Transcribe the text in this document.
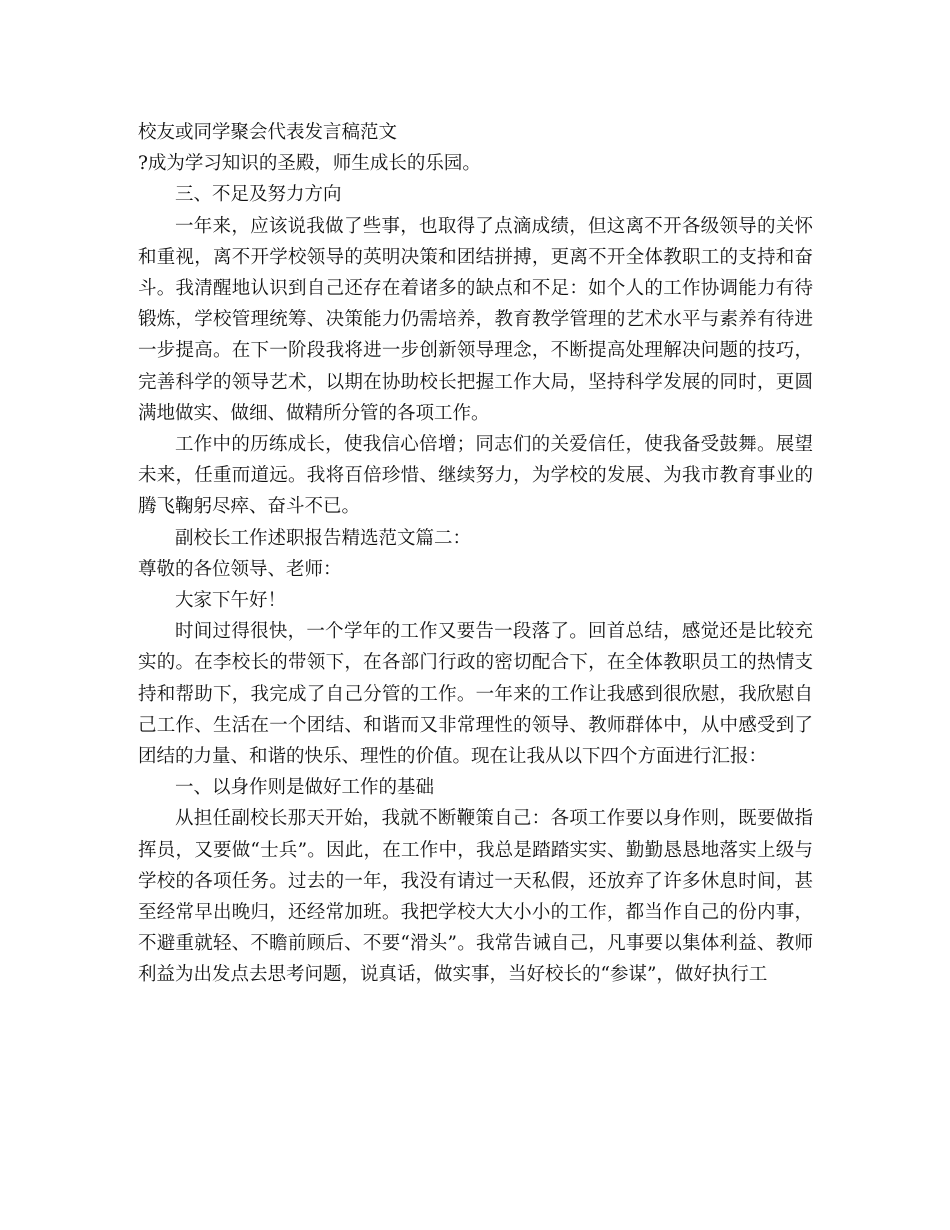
校友或同学聚会代表发言稿范文

?成为学习知识的圣殿，师生成长的乐园。

三、不足及努力方向

一年来，应该说我做了些事，也取得了点滴成绩，但这离不开各级领导的关怀和重视，离不开学校领导的英明决策和团结拼搏，更离不开全体教职工的支持和奋斗。我清醒地认识到自己还存在着诸多的缺点和不足：如个人的工作协调能力有待锻炼，学校管理统筹、决策能力仍需培养，教育教学管理的艺术水平与素养有待进一步提高。在下一阶段我将进一步创新领导理念，不断提高处理解决问题的技巧，完善科学的领导艺术，以期在协助校长把握工作大局，坚持科学发展的同时，更圆满地做实、做细、做精所分管的各项工作。

工作中的历练成长，使我信心倍增；同志们的关爱信任，使我备受鼓舞。展望未来，任重而道远。我将百倍珍惜、继续努力，为学校的发展、为我市教育事业的腾飞鞠躬尽瘁、奋斗不已。

副校长工作述职报告精选范文篇二：

尊敬的各位领导、老师：

大家下午好！

时间过得很快，一个学年的工作又要告一段落了。回首总结，感觉还是比较充实的。在李校长的带领下，在各部门行政的密切配合下，在全体教职员工的热情支持和帮助下，我完成了自己分管的工作。一年来的工作让我感到很欣慰，我欣慰自己工作、生活在一个团结、和谐而又非常理性的领导、教师群体中，从中感受到了团结的力量、和谐的快乐、理性的价值。现在让我从以下四个方面进行汇报：

一、以身作则是做好工作的基础

从担任副校长那天开始，我就不断鞭策自己：各项工作要以身作则，既要做指挥员，又要做“士兵”。因此，在工作中，我总是踏踏实实、勤勤恳恳地落实上级与学校的各项任务。过去的一年，我没有请过一天私假，还放弃了许多休息时间，甚至经常早出晚归，还经常加班。我把学校大大小小的工作，都当作自己的份内事，不避重就轻、不瞻前顾后、不要“滑头”。我常告诫自己，凡事要以集体利益、教师利益为出发点去思考问题，说真话，做实事，当好校长的“参谋”，做好执行工
